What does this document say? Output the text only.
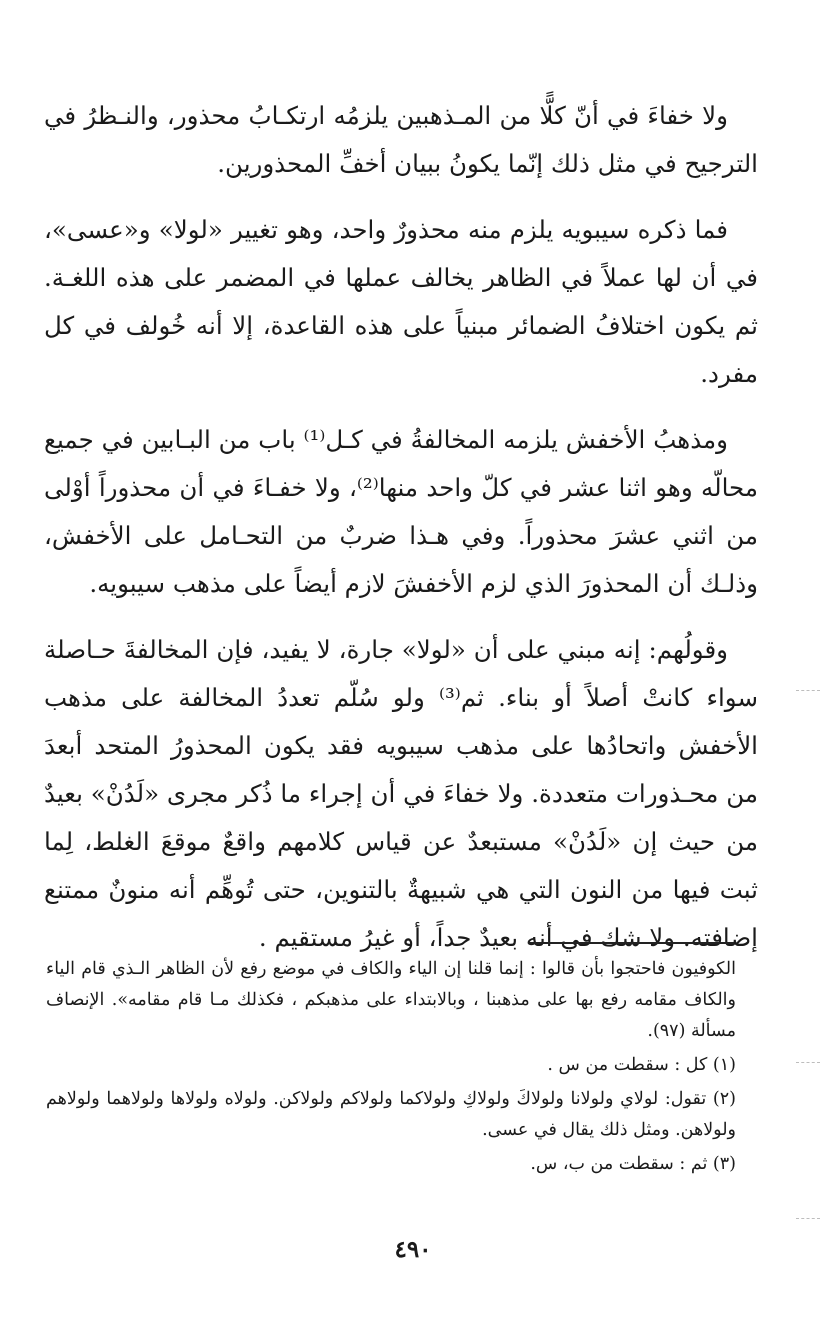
ولا خفاءَ في أنّ كلًّا من المـذهبين يلزمُه ارتكـابُ محذور، والنـظرُ في الترجيح في مثل ذلك إنّما يكونُ ببيان أخفِّ المحذورين.

فما ذكره سيبويه يلزم منه محذورٌ واحد، وهو تغيير «لولا» و«عسى»، في أن لها عملاً في الظاهر يخالف عملها في المضمر على هذه اللغـة. ثم يكون اختلافُ الضمائر مبنياً على هذه القاعدة، إلا أنه خُولف في كل مفرد.

ومذهبُ الأخفش يلزمه المخالفةُ في كـل⁽¹⁾ باب من البـابين في جميع محالّه وهو اثنا عشر في كلّ واحد منها⁽²⁾، ولا خفـاءَ في أن محذوراً أوْلى من اثني عشرَ محذوراً. وفي هـذا ضربٌ من التحـامل على الأخفش، وذلـك أن المحذورَ الذي لزم الأخفشَ لازم أيضاً على مذهب سيبويه.

وقولُهم: إنه مبني على أن «لولا» جارة، لا يفيد، فإن المخالفةَ حـاصلة سواء كانتْ أصلاً أو بناء. ثم⁽³⁾ ولو سُلّم تعددُ المخالفة على مذهب الأخفش واتحادُها على مذهب سيبويه فقد يكون المحذورُ المتحد أبعدَ من محـذورات متعددة. ولا خفاءَ في أن إجراء ما ذُكر مجرى «لَدُنْ» بعيدٌ من حيث إن «لَدُنْ» مستبعدٌ عن قياس كلامهم واقعٌ موقعَ الغلط، لِما ثبت فيها من النون التي هي شبيهةٌ بالتنوين، حتى تُوهِّم أنه منونٌ ممتنع إضافته. ولا شك في أنه بعيدٌ جداً، أو غيرُ مستقيم .

الكوفيون فاحتجوا بأن قالوا : إنما قلنا إن الياء والكاف في موضع رفع لأن الظاهر الـذي قام الياء والكاف مقامه رفع بها على مذهبنا ، وبالابتداء على مذهبكم ، فكذلك مـا قام مقامه». الإنصاف مسألة (٩٧).

(١) كل : سقطت من س .

(٢) تقول: لولاي ولولانا ولولاكَ ولولاكِ ولولاكما ولولاكم ولولاكن. ولولاه ولولاها ولولاهما ولولاهم ولولاهن. ومثل ذلك يقال في عسى.

(٣) ثم : سقطت من ب، س.

٤٩٠
